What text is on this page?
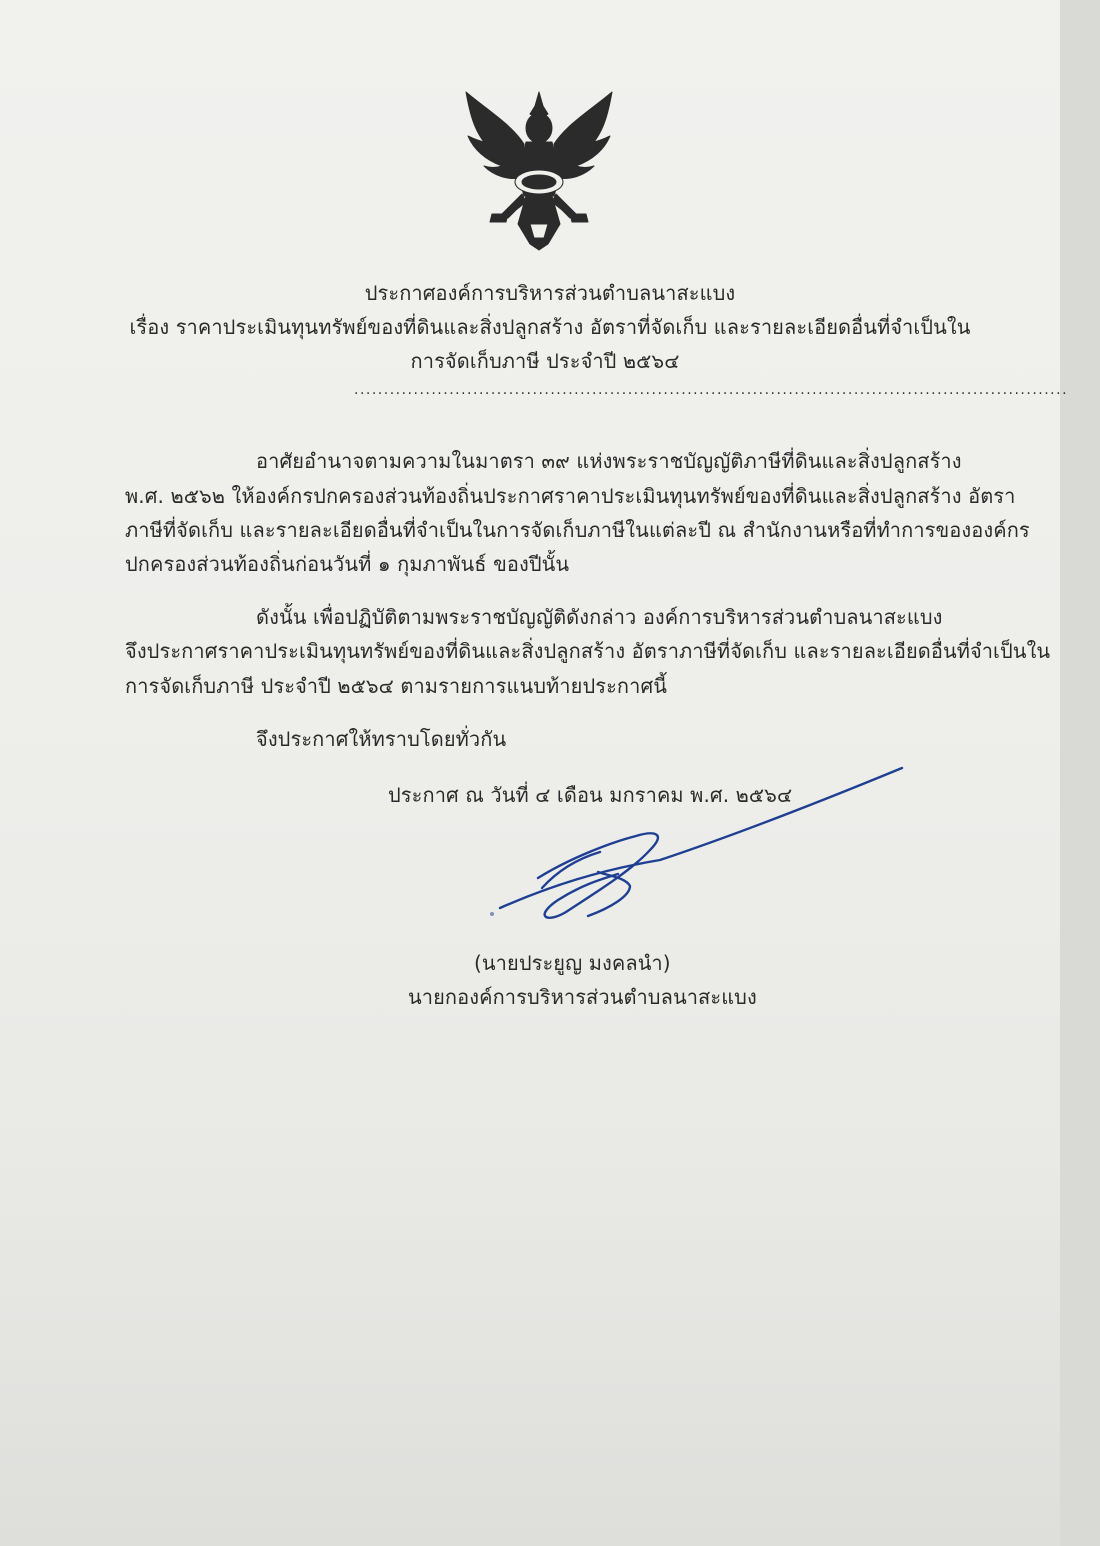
ประกาศองค์การบริหารส่วนตำบลนาสะแบง
เรื่อง ราคาประเมินทุนทรัพย์ของที่ดินและสิ่งปลูกสร้าง อัตราที่จัดเก็บ และรายละเอียดอื่นที่จำเป็นใน
การจัดเก็บภาษี ประจำปี ๒๕๖๔
........................................................................................................................
อาศัยอำนาจตามความในมาตรา ๓๙ แห่งพระราชบัญญัติภาษีที่ดินและสิ่งปลูกสร้าง
พ.ศ. ๒๕๖๒ ให้องค์กรปกครองส่วนท้องถิ่นประกาศราคาประเมินทุนทรัพย์ของที่ดินและสิ่งปลูกสร้าง อัตรา
ภาษีที่จัดเก็บ และรายละเอียดอื่นที่จำเป็นในการจัดเก็บภาษีในแต่ละปี ณ สำนักงานหรือที่ทำการขององค์กร
ปกครองส่วนท้องถิ่นก่อนวันที่ ๑ กุมภาพันธ์ ของปีนั้น
ดังนั้น เพื่อปฏิบัติตามพระราชบัญญัติดังกล่าว องค์การบริหารส่วนตำบลนาสะแบง
จึงประกาศราคาประเมินทุนทรัพย์ของที่ดินและสิ่งปลูกสร้าง อัตราภาษีที่จัดเก็บ และรายละเอียดอื่นที่จำเป็นใน
การจัดเก็บภาษี ประจำปี ๒๕๖๔ ตามรายการแนบท้ายประกาศนี้
จึงประกาศให้ทราบโดยทั่วกัน
ประกาศ ณ วันที่ ๔ เดือน มกราคม พ.ศ. ๒๕๖๔
(นายประยูญ มงคลนำ)
นายกองค์การบริหารส่วนตำบลนาสะแบง
